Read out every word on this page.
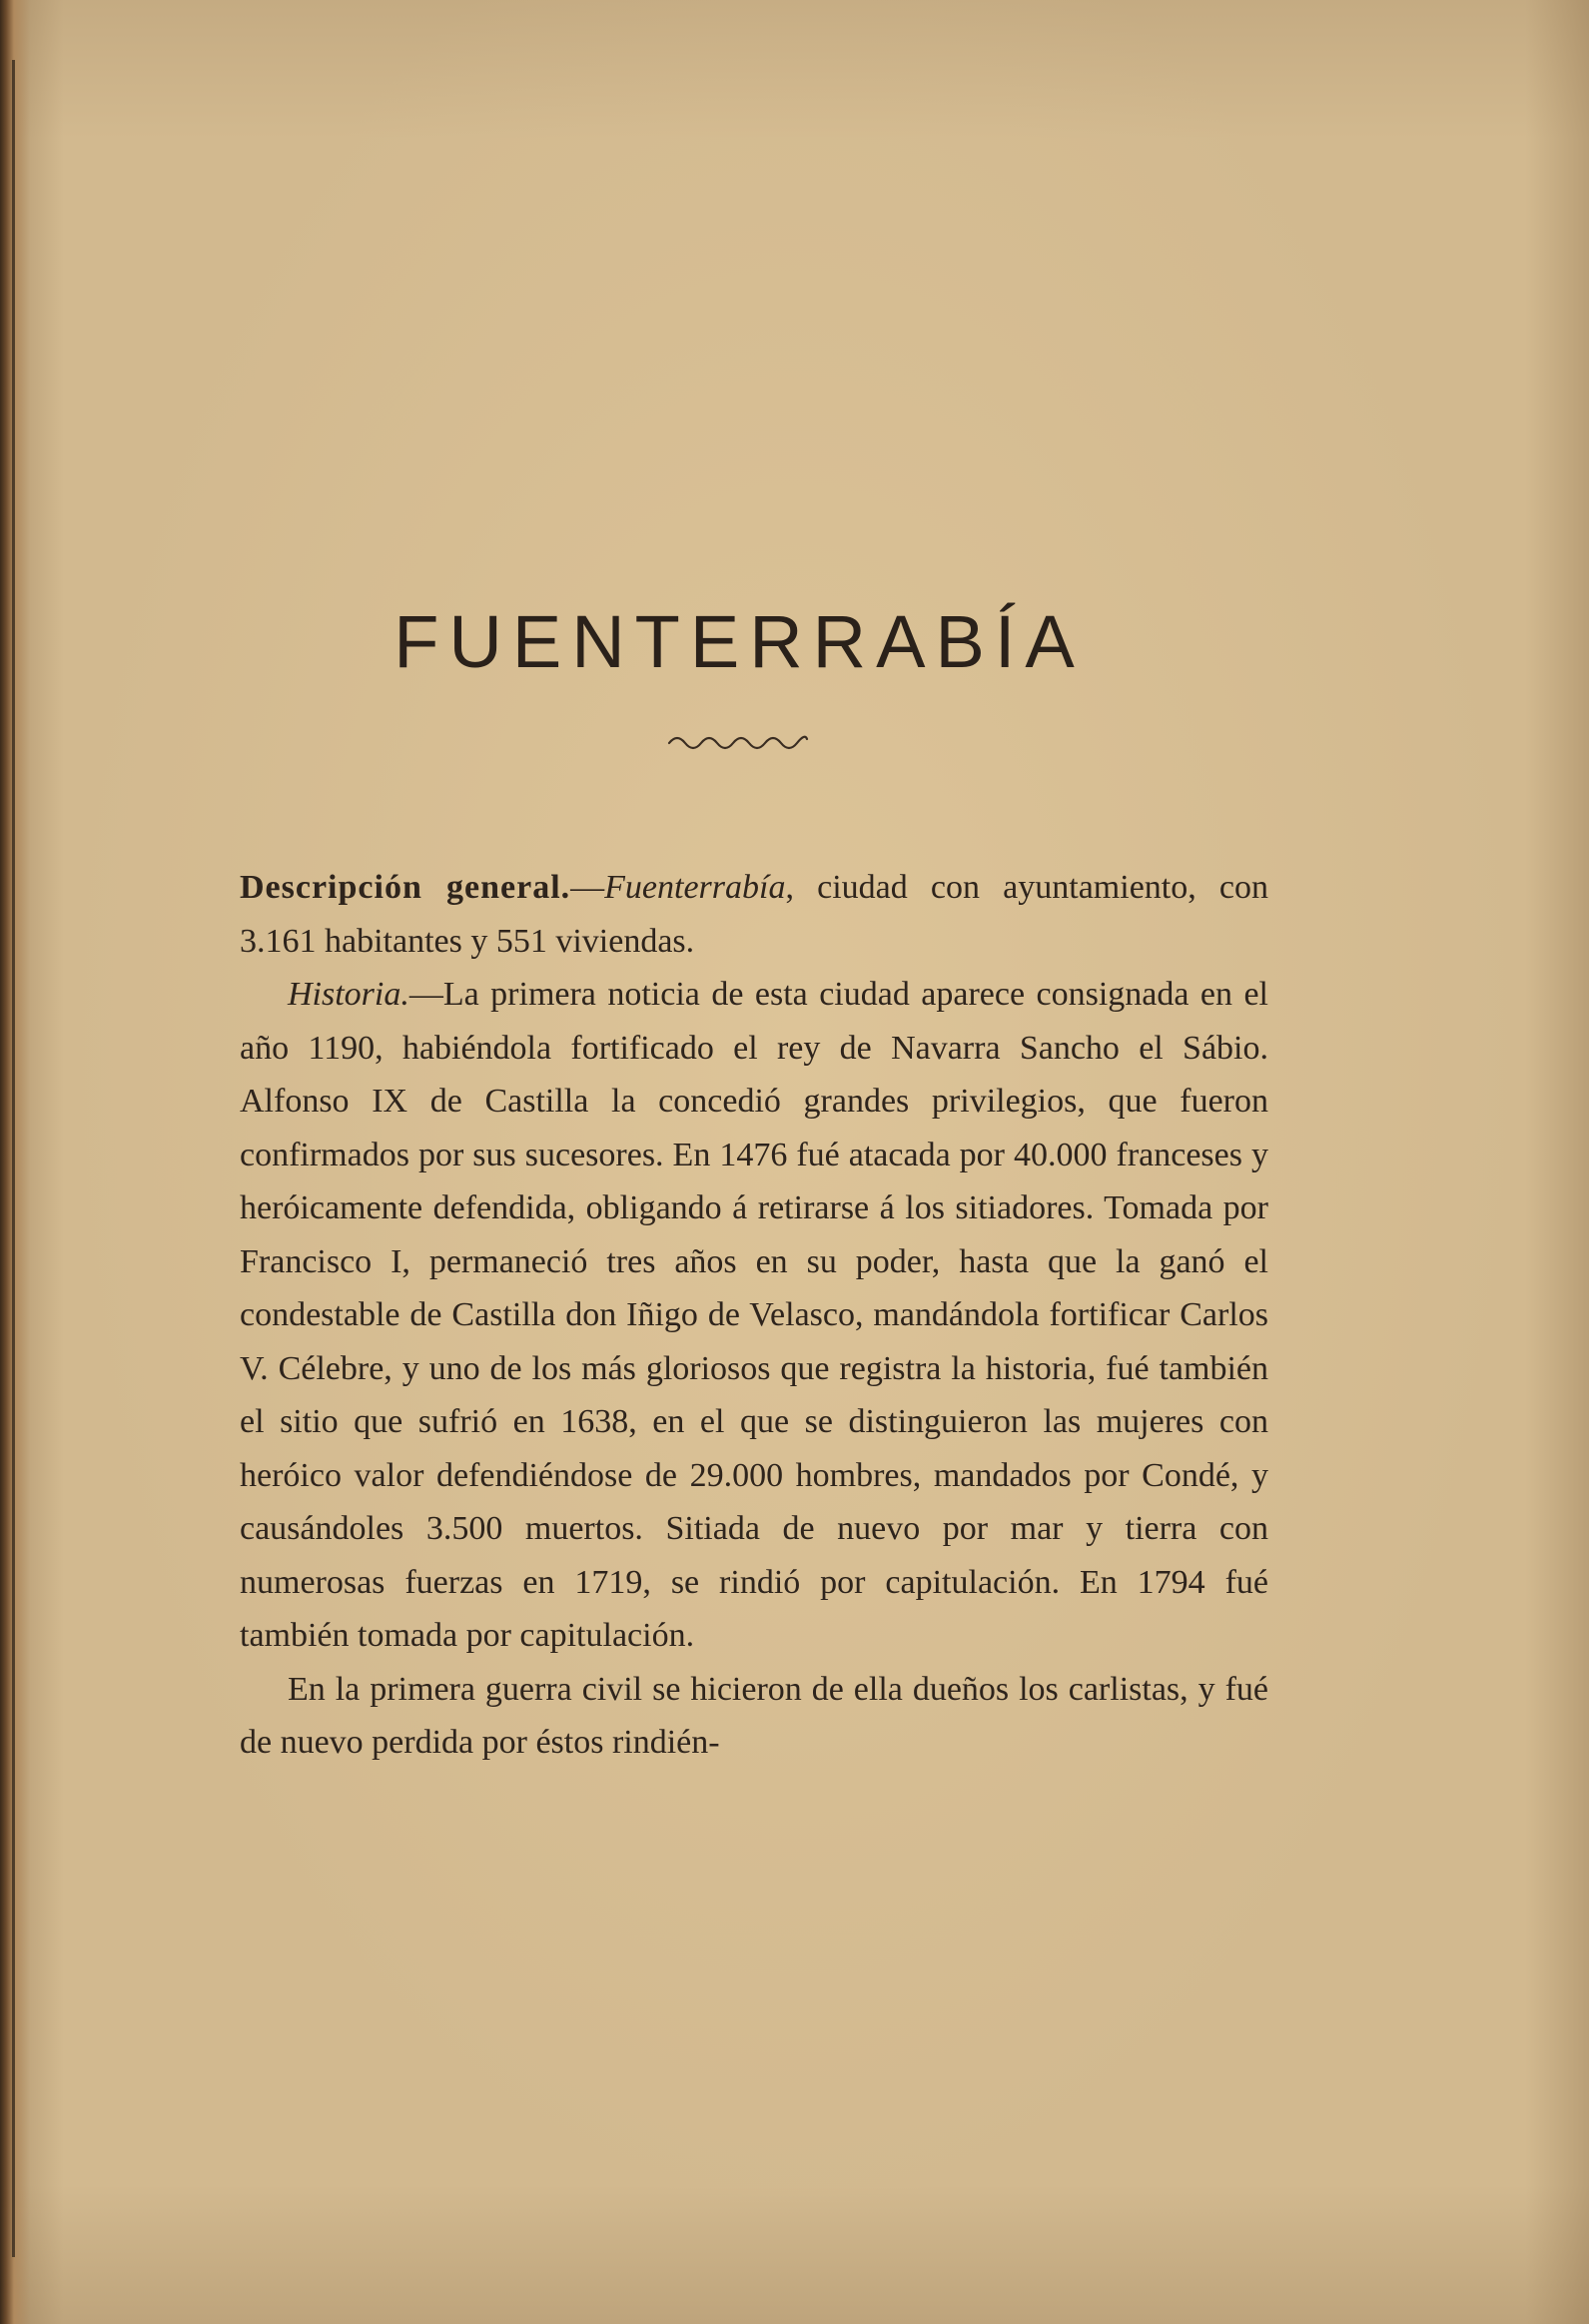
FUENTERRABÍA

Descripción general.—Fuenterrabía, ciudad con ayuntamiento, con 3.161 habitantes y 551 viviendas.

Historia.—La primera noticia de esta ciudad aparece consignada en el año 1190, habiéndola fortificado el rey de Navarra Sancho el Sábio. Alfonso IX de Castilla la concedió grandes privilegios, que fueron confirmados por sus sucesores. En 1476 fué atacada por 40.000 franceses y heróicamente defendida, obligando á retirarse á los sitiadores. Tomada por Francisco I, permaneció tres años en su poder, hasta que la ganó el condestable de Castilla don Iñigo de Velasco, mandándola fortificar Carlos V. Célebre, y uno de los más gloriosos que registra la historia, fué también el sitio que sufrió en 1638, en el que se distinguieron las mujeres con heróico valor defendiéndose de 29.000 hombres, mandados por Condé, y causándoles 3.500 muertos. Sitiada de nuevo por mar y tierra con numerosas fuerzas en 1719, se rindió por capitulación. En 1794 fué también tomada por capitulación.

En la primera guerra civil se hicieron de ella dueños los carlistas, y fué de nuevo perdida por éstos rindién-
